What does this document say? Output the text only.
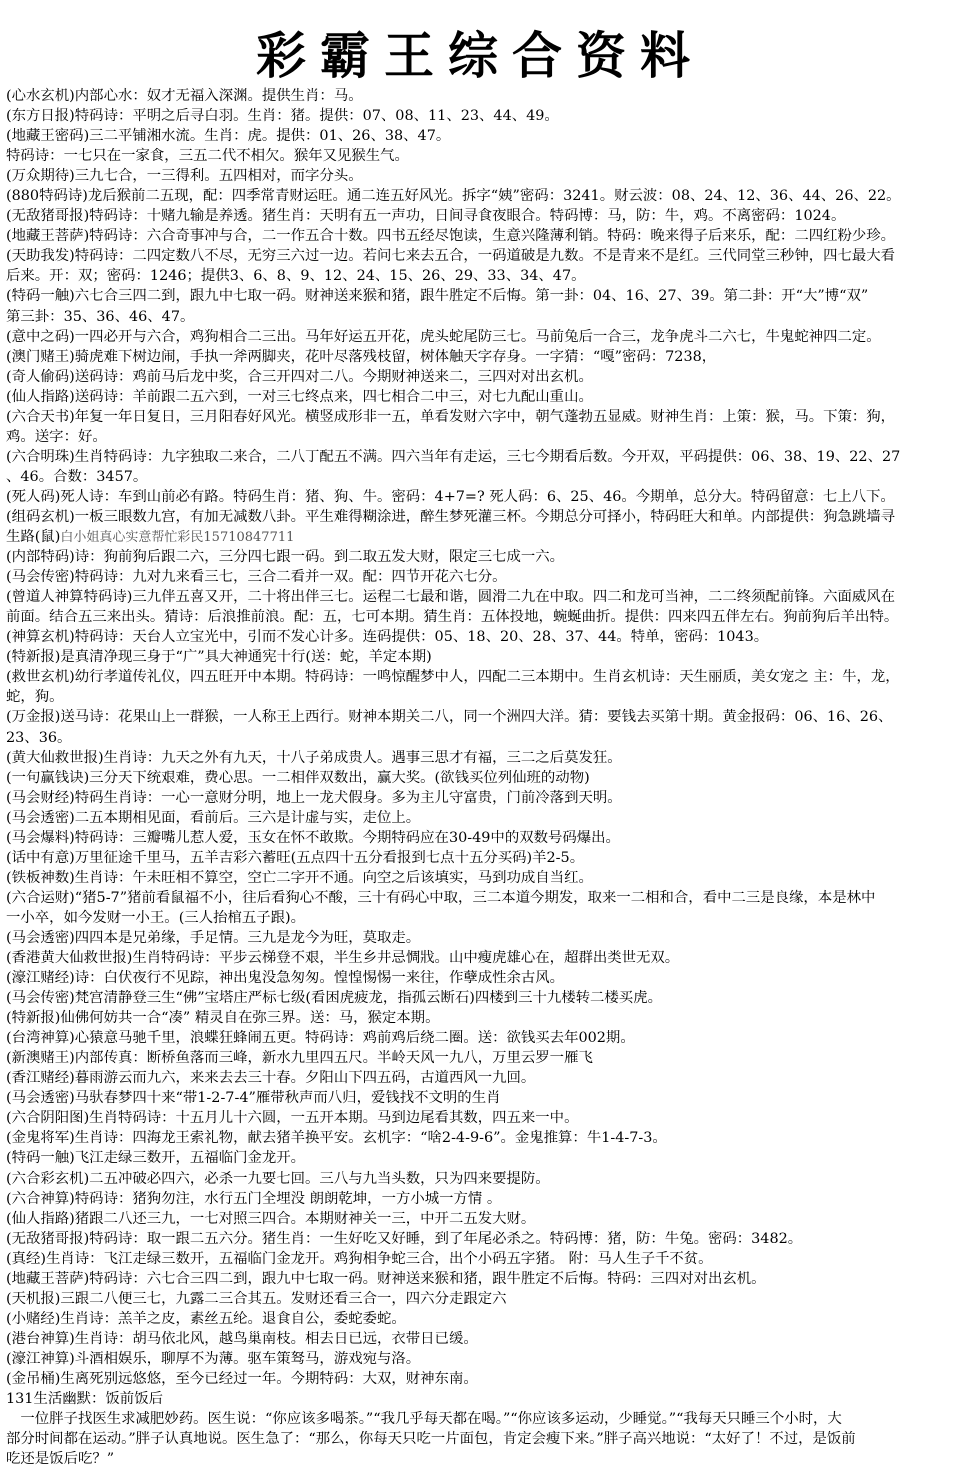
彩霸王综合资料
(心水玄机)内部心水：奴才无福入深渊。提供生肖：马。
(东方日报)特码诗：平明之后寻白羽。生肖：猪。提供：07、08、11、23、44、49。
(地藏王密码)三二平铺湘水流。生肖：虎。提供：01、26、38、47。
特码诗：一七只在一家食，三五二代不相欠。猴年又见猴生气。
(万众期待)三九七合，一三得利。五四相对，而字分头。
(880特码诗)龙后猴前二五现，配：四季常青财运旺。通二连五好风光。拆字“姨”密码：3241。财云波：08、24、12、36、44、26、22。
(无敌猪哥报)特码诗：十赌九输是养透。猪生肖：天明有五一声功，日间寻食夜眼合。特码博：马，防：牛，鸡。不离密码：1024。
(地藏王菩萨)特码诗：六合奇事冲与合，二一作五合十数。四书五经尽饱读，生意兴隆薄利销。特码：晚来得子后来乐，配：二四红粉少珍。
(天助我发)特码诗：二四定数八不尽，无穷三六过一边。若问七来去五合，一码道破是九数。不是青来不是红。三代同堂三秒钟，四七最大看
后来。开：双；密码：1246；提供3、6、8、9、12、24、15、26、29、33、34、47。
(特码一触)六七合三四二到，跟九中七取一码。财神送来猴和猪，跟牛胜定不后悔。第一卦：04、16、27、39。第二卦：开“大”博“双”
第三卦：35、36、46、47。
(意中之码)一四必开与六合，鸡狗相合二三出。马年好运五开花，虎头蛇尾防三七。马前兔后一合三，龙争虎斗二六七，牛鬼蛇神四二定。
(澳门赌王)骑虎难下树边闹，手执一斧两脚夹，花叶尽落残枝留，树体触天字存身。一字猜：“嘎”密码：7238，
(奇人偷码)送码诗：鸡前马后龙中奖，合三开四对二八。今期财神送来二，三四对对出玄机。
(仙人指路)送码诗：羊前跟二五六到，一对三七终点来，四七相合二中三，对七九配山重山。
(六合天书)年复一年日复日，三月阳春好风光。横竖成形非一五，单看发财六字中，朝气蓬勃五显威。财神生肖：上策：猴，马。下策：狗，
鸡。送字：好。
(六合明珠)生肖特码诗：九字独取二来合，二八丁配五不满。四六当年有走运，三七今期看后数。今开双，平码提供：06、38、19、22、27
、46。合数：3457。
(死人码)死人诗：车到山前必有路。特码生肖：猪、狗、牛。密码：4+7=? 死人码：6、25、46。今期单，总分大。特码留意：七上八下。
(组码玄机)一板三眼数九宫，有加无减数八卦。平生难得糊涂进，醉生梦死灌三杯。今期总分可择小，特码旺大和单。内部提供：狗急跳墙寻
生路(鼠)白小姐真心实意帮忙彩民15710847711
(内部特码)诗：狗前狗后跟二六，三分四七跟一码。到二取五发大财，限定三七成一六。
(马会传密)特码诗：九对九来看三七，三合二看并一双。配：四节开花六七分。
(曾道人神算特码诗)三九伴五喜又开，二十将出伴三七。运程二七最和谐，圆滑二九在中取。四二和龙可当神，二二终须配前锋。六面威风在
前面。结合五三来出头。猜诗：后浪推前浪。配：五，七可本期。猜生肖：五体投地，蜿蜒曲折。提供：四来四五伴左右。狗前狗后羊出特。
(神算玄机)特码诗：天台人立宝光中，引而不发心计多。连码提供：05、18、20、28、37、44。特单，密码：1043。
(特新报)是真清净现三身于“广”具大神通宪十行(送：蛇，羊定本期)
(救世玄机)幼行孝道传礼仪，四五旺开中本期。特码诗：一鸣惊醒梦中人，四配二三本期中。生肖玄机诗：天生丽质，美女宠之 主：牛，龙，
蛇，狗。
(万金报)送马诗：花果山上一群猴，一人称王上西行。财神本期关二八，同一个洲四大洋。猜：要钱去买第十期。黄金报码：06、16、26、
23、36。
(黄大仙救世报)生肖诗：九天之外有九天，十八子弟成贵人。遇事三思才有福，三二之后莫发狂。
(一句赢钱诀)三分天下统艰难，费心思。一二相伴双数出，赢大奖。(欲钱买位列仙班的动物)
(马会财经)特码生肖诗：一心一意财分明，地上一龙犬假身。多为主儿守富贵，门前冷落到天明。
(马会透密)二五本期相见面，看前后。三六是计虚与实，走位上。
(马会爆料)特码诗：三瓣嘴儿惹人爱，玉女在怀不敢欺。今期特码应在30-49中的双数号码爆出。
(话中有意)万里征途千里马，五羊吉彩六蓄旺(五点四十五分看报到七点十五分买码)羊2-5。
(铁板神数)生肖诗：午未旺相不算空，空亡二字开不通。向空之后该填实，马到功成自当红。
(六合运财)“猪5-7”猪前看鼠福不小，往后看狗心不酸，三十有码心中取，三二本道今期发，取来一二相和合，看中二三是良缘，本是林中
一小卒，如今发财一小王。(三人抬棺五子跟)。
(马会透密)四四本是兄弟缘，手足情。三九是龙今为旺，莫取走。
(香港黄大仙救世报)生肖特码诗：平步云梯登不艰，半生乡井忌惆戕。山中瘦虎雄心在，超群出类世无双。
(濠江赌经)诗：白伏夜行不见踪，神出鬼没急匆匆。惶惶惕惕一来往，作孽成性余古风。
(马会传密)梵宫清静登三生“佛”宝塔庄严标七级(看困虎疲龙，指孤云断石)四楼到三十九楼转二楼买虎。
(特新报)仙佛何妨共一合“凑” 精灵自在弥三界。送：马，猴定本期。
(台湾神算)心猿意马驰千里，浪蝶狂蜂闹五更。特码诗：鸡前鸡后绕二圈。送：欲钱买去年002期。
(新澳赌王)内部传真：断桥鱼落而三峰，新水九里四五尺。半岭天风一九八，万里云罗一雁飞
(香江赌经)暮雨游云而九六，来来去去三十春。夕阳山下四五码，古道西风一九回。
(马会透密)马驮春梦四十来“带1-2-7-4”雁带秋声而八归，爱钱找不文明的生肖
(六合阴阳图)生肖特码诗：十五月儿十六圆，一五开本期。马到边尾看其数，四五来一中。
(金鬼将军)生肖诗：四海龙王索礼物，献去猪羊换平安。玄机字：“啥2-4-9-6”。金鬼推算：牛1-4-7-3。
(特码一触)飞江走绿三数开，五福临门金龙开。
(六合彩玄机)二五冲破必四六，必杀一九要七回。三八与九当头数，只为四来要提防。
(六合神算)特码诗：猪狗勿注，水行五门全埋没 朗朗乾坤，一方小城一方情 。
(仙人指路)猪跟二八还三九，一七对照三四合。本期财神关一三，中开二五发大财。
(无敌猪哥报)特码诗：取一跟二五六分。猪生肖：一生好吃又好睡，到了年尾必杀之。特码博：猪，防：牛兔。密码：3482。
(真经)生肖诗：飞江走绿三数开，五福临门金龙开。鸡狗相争蛇三合，出个小码五字猪。 附：马人生子千不贫。
(地藏王菩萨)特码诗：六七合三四二到，跟九中七取一码。财神送来猴和猪，跟牛胜定不后悔。特码：三四对对出玄机。
(天机报)三跟二八便三七，九露二三合其五。发财还看三合一，四六分走跟定六
(小赌经)生肖诗：羔羊之皮，素丝五纶。退食自公，委蛇委蛇。
(港台神算)生肖诗：胡马依北风，越鸟巢南枝。相去日已远，衣带日已缓。
(濠江神算)斗酒相娱乐，聊厚不为薄。驱车策驽马，游戏宛与洛。
(金吊桶)生离死别远悠悠，至今已经过一年。今期特码：大双，财神东南。
131生活幽默：饭前饭后
　一位胖子找医生求减肥妙药。医生说：“你应该多喝茶。”“我几乎每天都在喝。”“你应该多运动，少睡觉。”“我每天只睡三个小时，大
部分时间都在运动。”胖子认真地说。医生急了：“那么，你每天只吃一片面包，肯定会瘦下来。”胖子高兴地说：“太好了！不过，是饭前
吃还是饭后吃？”
